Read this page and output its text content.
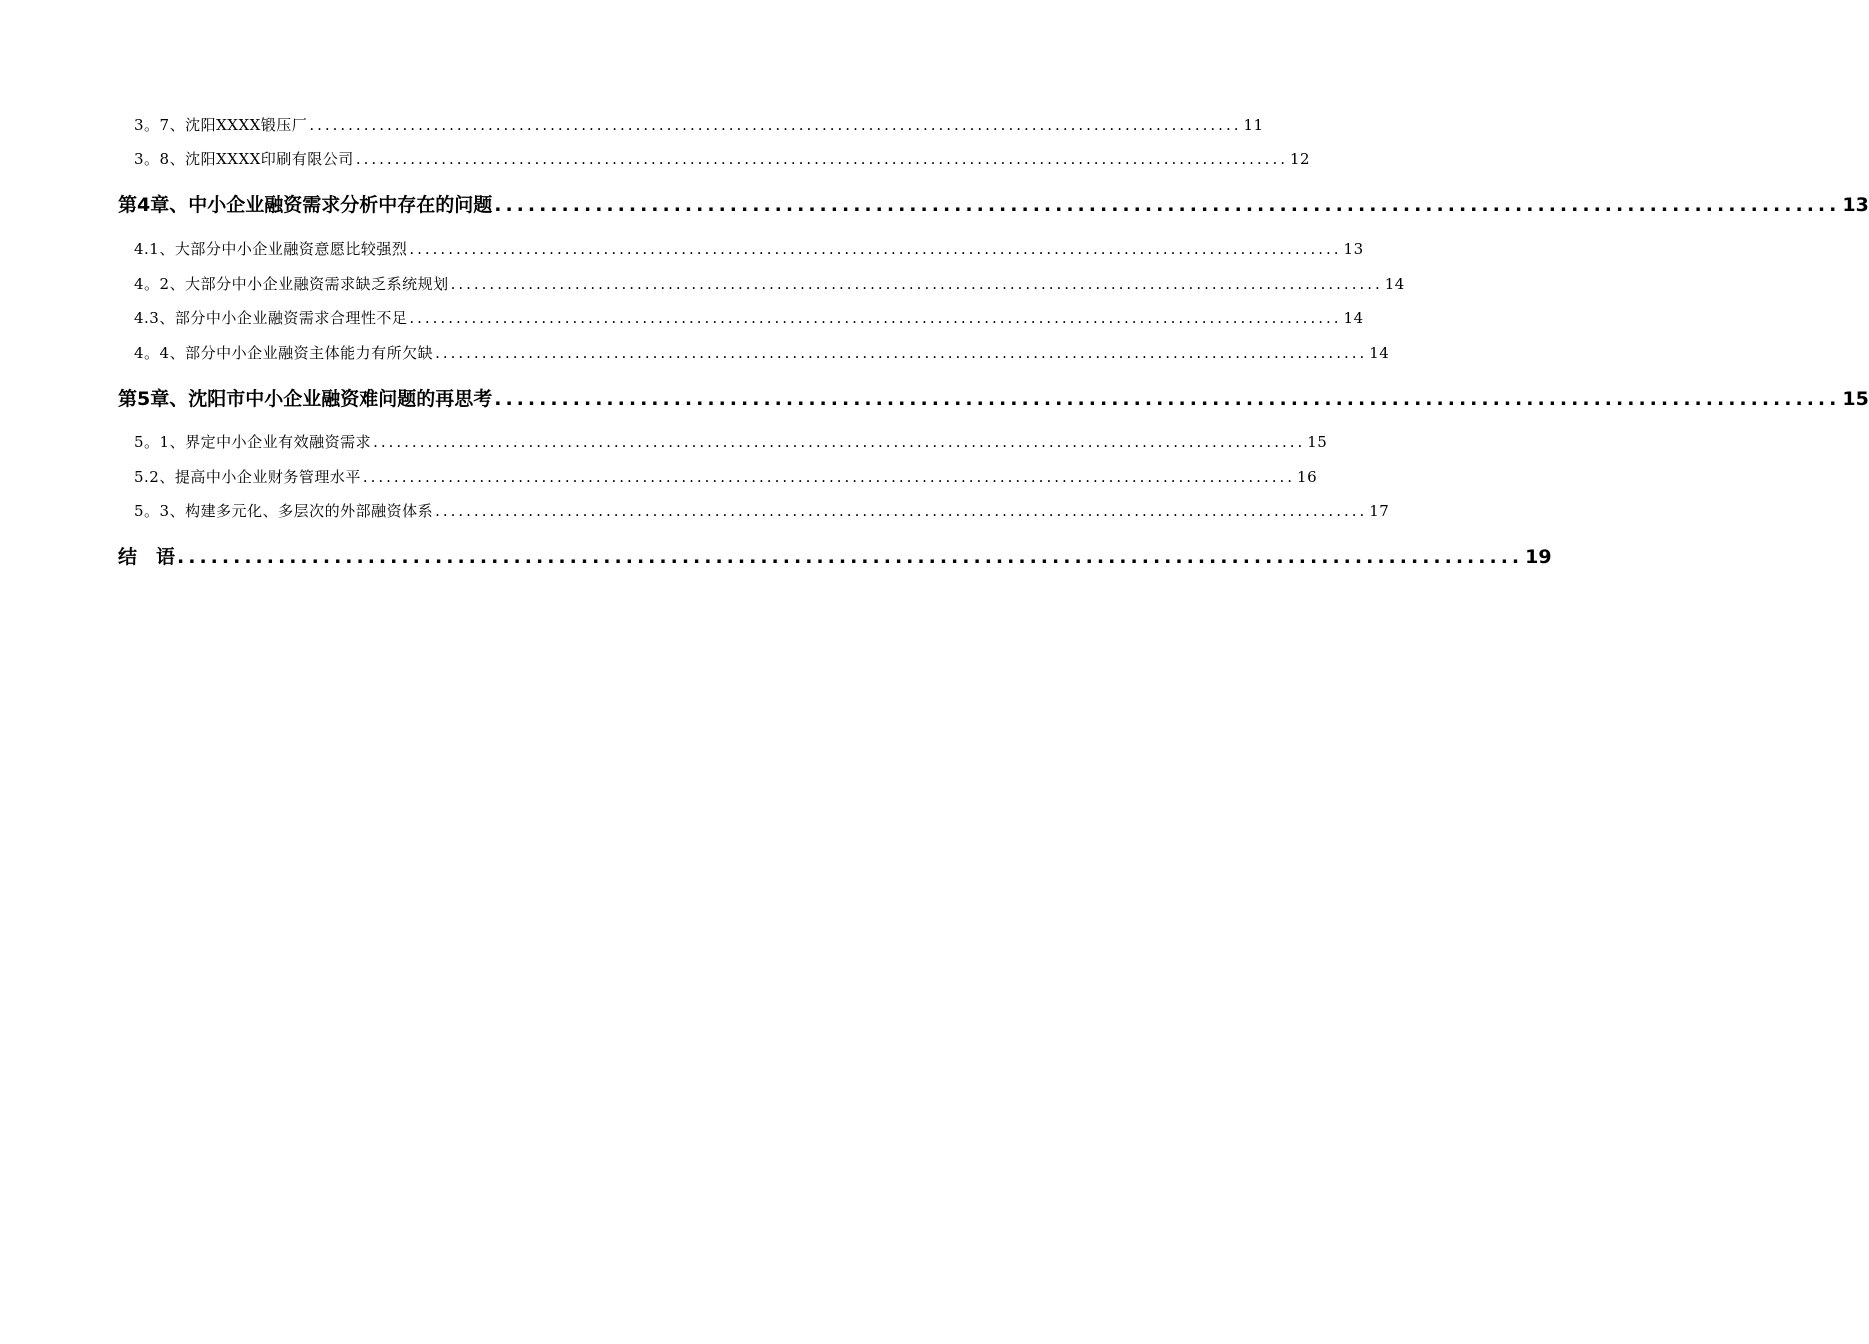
3。7、沈阳XXXX锻压厂 ........................................................................................................................ 11
3。8、沈阳XXXX印刷有限公司 ........................................................................................................................ 12
第4章、中小企业融资需求分析中存在的问题 ........................................................................................................................ 13
4.1、大部分中小企业融资意愿比较强烈 ........................................................................................................................ 13
4。2、大部分中小企业融资需求缺乏系统规划 ........................................................................................................................ 14
4.3、部分中小企业融资需求合理性不足 ........................................................................................................................ 14
4。4、部分中小企业融资主体能力有所欠缺 ........................................................................................................................ 14
第5章、沈阳市中小企业融资难问题的再思考 ........................................................................................................................ 15
5。1、界定中小企业有效融资需求 ........................................................................................................................ 15
5.2、提高中小企业财务管理水平 ........................................................................................................................ 16
5。3、构建多元化、多层次的外部融资体系 ........................................................................................................................ 17
结　语 ........................................................................................................................ 19
